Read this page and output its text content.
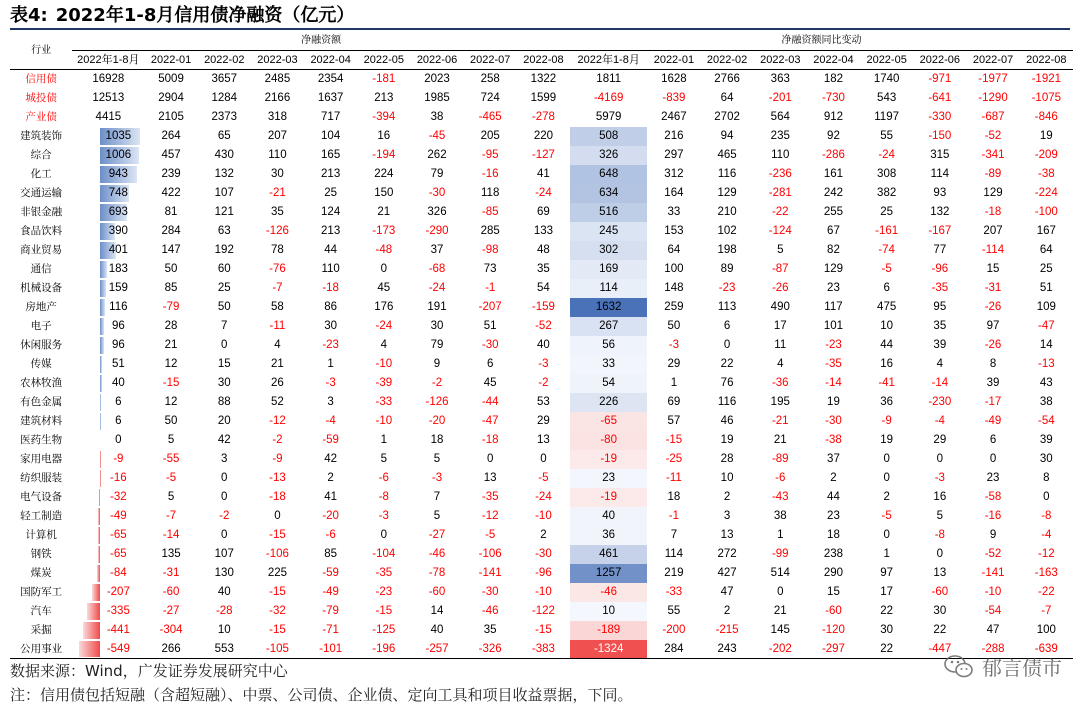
表4: 2022年1-8月信用债净融资（亿元）
行业	净融资额									净融资额同比变动								
	2022年1-8月	2022-01	2022-02	2022-03	2022-04	2022-05	2022-06	2022-07	2022-08	2022年1-8月	2022-01	2022-02	2022-03	2022-04	2022-05	2022-06	2022-07	2022-08
信用债	16928	5009	3657	2485	2354	-181	2023	258	1322	1811	1628	2766	363	182	1740	-971	-1977	-1921
城投债	12513	2904	1284	2166	1637	213	1985	724	1599	-4169	-839	64	-201	-730	543	-641	-1290	-1075
产业债	4415	2105	2373	318	717	-394	38	-465	-278	5979	2467	2702	564	912	1197	-330	-687	-846
建筑装饰	1035	264	65	207	104	16	-45	205	220	508	216	94	235	92	55	-150	-52	19
综合	1006	457	430	110	165	-194	262	-95	-127	326	297	465	110	-286	-24	315	-341	-209
化工	943	239	132	30	213	224	79	-16	41	648	312	116	-236	161	308	114	-89	-38
交通运输	748	422	107	-21	25	150	-30	118	-24	634	164	129	-281	242	382	93	129	-224
非银金融	693	81	121	35	124	21	326	-85	69	516	33	210	-22	255	25	132	-18	-100
食品饮料	390	284	63	-126	213	-173	-290	285	133	245	153	102	-124	67	-161	-167	207	167
商业贸易	401	147	192	78	44	-48	37	-98	48	302	64	198	5	82	-74	77	-114	64
通信	183	50	60	-76	110	0	-68	73	35	169	100	89	-87	129	-5	-96	15	25
机械设备	159	85	25	-7	-18	45	-24	-1	54	114	148	-23	-26	23	6	-35	-31	51
房地产	116	-79	50	58	86	176	191	-207	-159	1632	259	113	490	117	475	95	-26	109
电子	96	28	7	-11	30	-24	30	51	-52	267	50	6	17	101	10	35	97	-47
休闲服务	96	21	0	4	-23	4	79	-30	40	56	-3	0	11	-23	44	39	-26	14
传媒	51	12	15	21	1	-10	9	6	-3	33	29	22	4	-35	16	4	8	-13
农林牧渔	40	-15	30	26	-3	-39	-2	45	-2	54	1	76	-36	-14	-41	-14	39	43
有色金属	6	12	88	52	3	-33	-126	-44	53	226	69	116	195	19	36	-230	-17	38
建筑材料	6	50	20	-12	-4	-10	-20	-47	29	-65	57	46	-21	-30	-9	-4	-49	-54
医药生物	0	5	42	-2	-59	1	18	-18	13	-80	-15	19	21	-38	19	29	6	39
家用电器	-9	-55	3	-9	42	5	5	0	0	-19	-25	28	-89	37	0	0	0	30
纺织服装	-16	-5	0	-13	2	-6	-3	13	-5	23	-11	10	-6	2	0	-3	23	8
电气设备	-32	5	0	-18	41	-8	7	-35	-24	-19	18	2	-43	44	2	16	-58	0
轻工制造	-49	-7	-2	0	-20	-3	5	-12	-10	40	-1	3	38	23	-5	5	-16	-8
计算机	-65	-14	0	-15	-6	0	-27	-5	2	36	7	13	1	18	0	-8	9	-4
钢铁	-65	135	107	-106	85	-104	-46	-106	-30	461	114	272	-99	238	1	0	-52	-12
煤炭	-84	-31	130	225	-59	-35	-78	-141	-96	1257	219	427	514	290	97	13	-141	-163
国防军工	-207	-60	40	-15	-49	-23	-60	-30	-10	-46	-33	47	0	15	17	-60	-10	-22
汽车	-335	-27	-28	-32	-79	-15	14	-46	-122	10	55	2	21	-60	22	30	-54	-7
采掘	-441	-304	10	-15	-71	-125	40	35	-15	-189	-200	-215	145	-120	30	22	47	100
公用事业	-549	266	553	-105	-101	-196	-257	-326	-383	-1324	284	243	-202	-297	22	-447	-288	-639
数据来源：Wind，广发证券发展研究中心
注：信用债包括短融（含超短融）、中票、公司债、企业债、定向工具和项目收益票据，下同。
郁言债市
